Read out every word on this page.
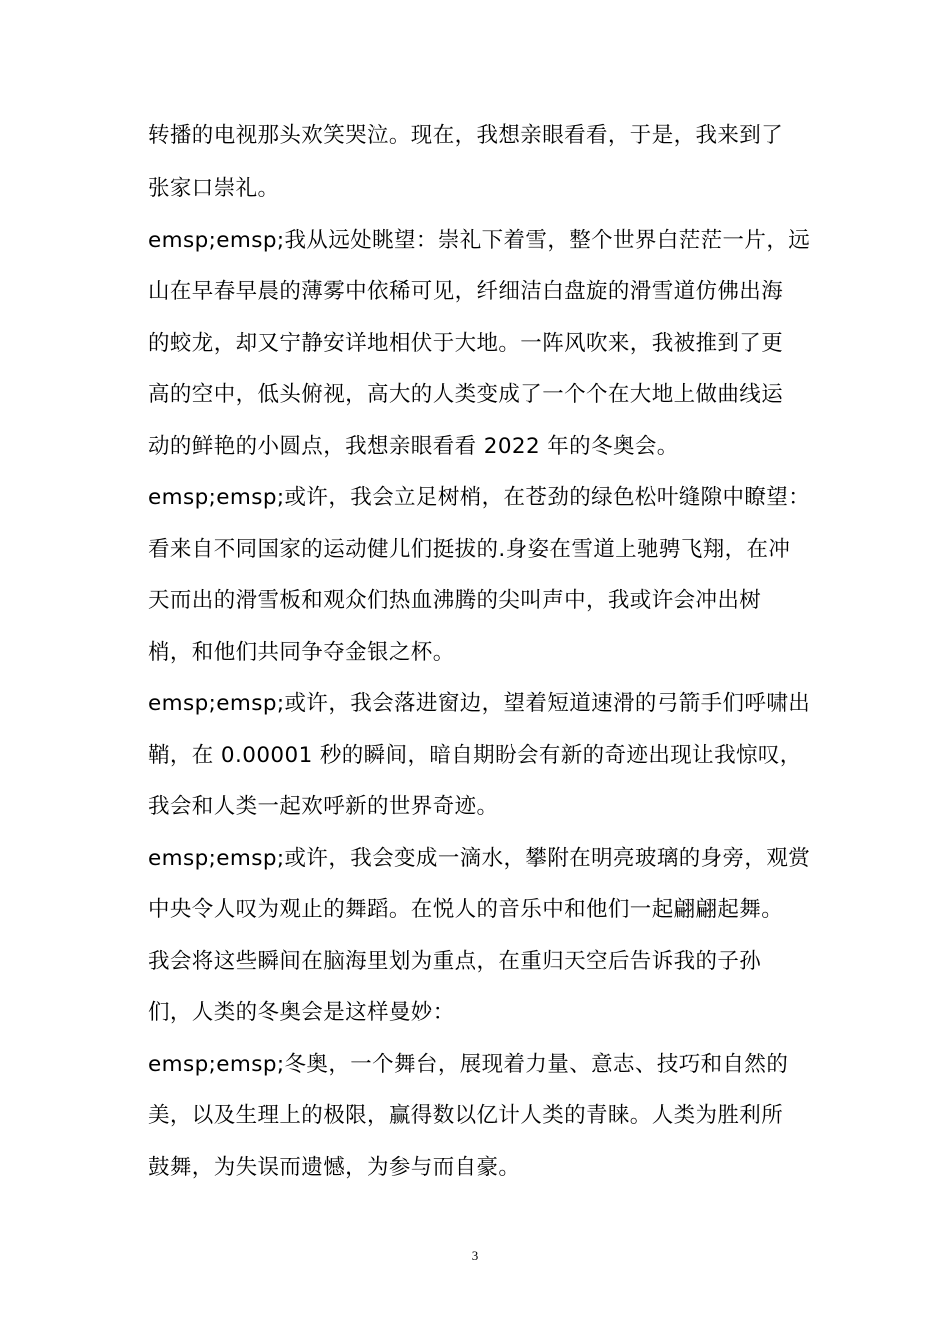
转播的电视那头欢笑哭泣。现在，我想亲眼看看，于是，我来到了
张家口崇礼。
emsp;emsp;我从远处眺望：崇礼下着雪，整个世界白茫茫一片，远
山在早春早晨的薄雾中依稀可见，纤细洁白盘旋的滑雪道仿佛出海
的蛟龙，却又宁静安详地相伏于大地。一阵风吹来，我被推到了更
高的空中，低头俯视，高大的人类变成了一个个在大地上做曲线运
动的鲜艳的小圆点，我想亲眼看看 2022 年的冬奥会。
emsp;emsp;或许，我会立足树梢，在苍劲的绿色松叶缝隙中瞭望：
看来自不同国家的运动健儿们挺拔的.身姿在雪道上驰骋飞翔，在冲
天而出的滑雪板和观众们热血沸腾的尖叫声中，我或许会冲出树
梢，和他们共同争夺金银之杯。
emsp;emsp;或许，我会落进窗边，望着短道速滑的弓箭手们呼啸出
鞘，在 0.00001 秒的瞬间，暗自期盼会有新的奇迹出现让我惊叹，
我会和人类一起欢呼新的世界奇迹。
emsp;emsp;或许，我会变成一滴水，攀附在明亮玻璃的身旁，观赏
中央令人叹为观止的舞蹈。在悦人的音乐中和他们一起翩翩起舞。
我会将这些瞬间在脑海里划为重点，在重归天空后告诉我的子孙
们，人类的冬奥会是这样曼妙：
emsp;emsp;冬奥，一个舞台，展现着力量、意志、技巧和自然的
美，以及生理上的极限，赢得数以亿计人类的青睐。人类为胜利所
鼓舞，为失误而遗憾，为参与而自豪。
3
